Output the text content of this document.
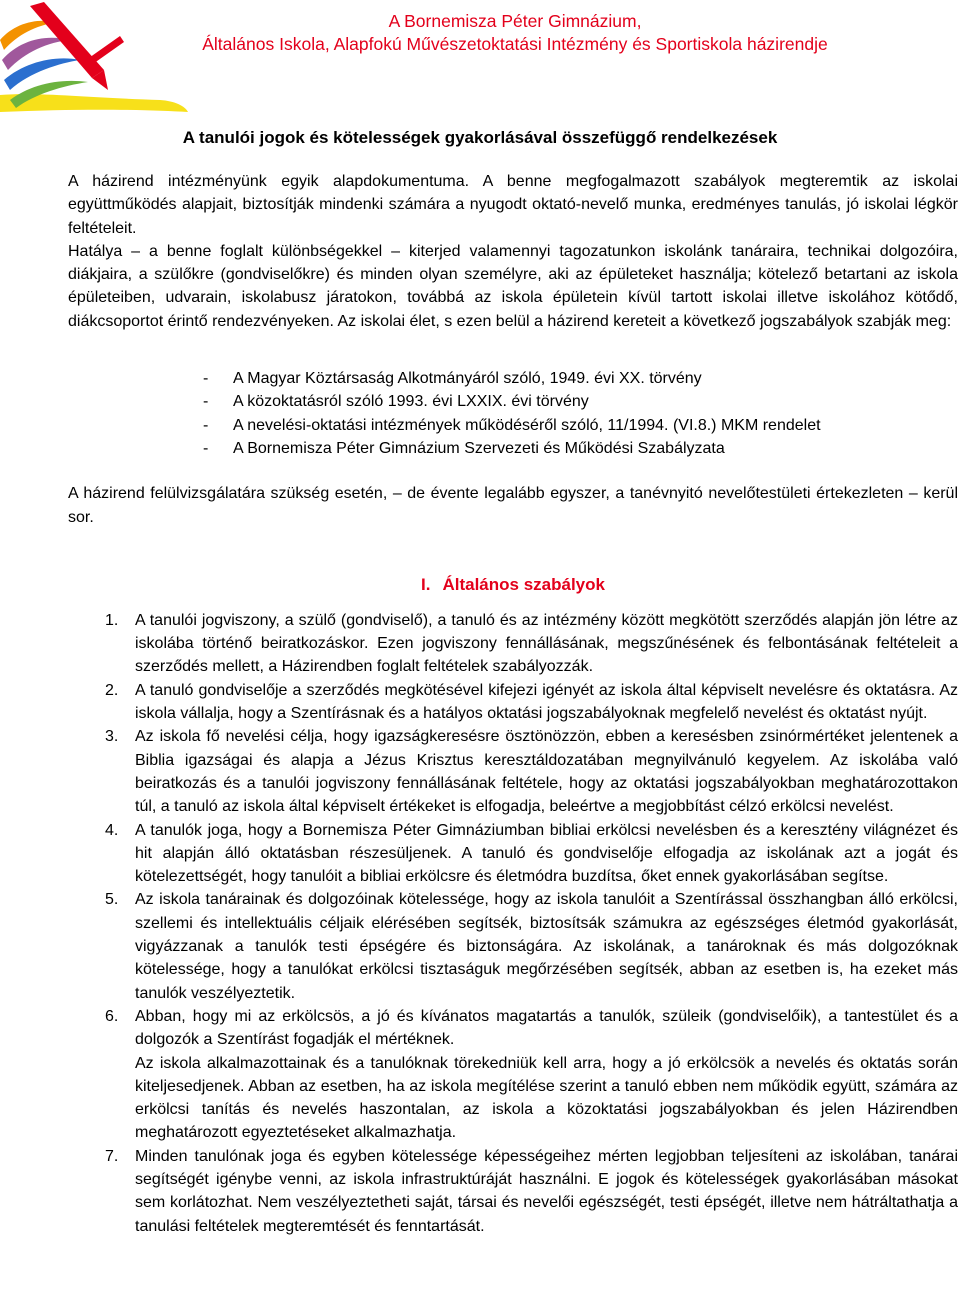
A Bornemisza Péter Gimnázium,
Általános Iskola, Alapfokú Művészetoktatási Intézmény és Sportiskola házirendje
A tanulói jogok és kötelességek gyakorlásával összefüggő rendelkezések

A házirend intézményünk egyik alapdokumentuma. A benne megfogalmazott szabályok megteremtik az iskolai együttműködés alapjait, biztosítják mindenki számára a nyugodt oktató-nevelő munka, eredményes tanulás, jó iskolai légkör feltételeit.

Hatálya – a benne foglalt különbségekkel – kiterjed valamennyi tagozatunkon iskolánk tanáraira, technikai dolgozóira, diákjaira, a szülőkre (gondviselőkre) és minden olyan személyre, aki az épületeket használja; kötelező betartani az iskola épületeiben, udvarain, iskolabusz járatokon, továbbá az iskola épületein kívül tartott iskolai illetve iskolához kötődő, diákcsoportot érintő rendezvényeken. Az iskolai élet, s ezen belül a házirend kereteit a következő jogszabályok szabják meg:

- A Magyar Köztársaság Alkotmányáról szóló, 1949. évi XX. törvény
- A közoktatásról szóló 1993. évi LXXIX. évi törvény
- A nevelési-oktatási intézmények működéséről szóló, 11/1994. (VI.8.) MKM rendelet
- A Bornemisza Péter Gimnázium Szervezeti és Működési Szabályzata

A házirend felülvizsgálatára szükség esetén, – de évente legalább egyszer, a tanévnyitó nevelőtestületi értekezleten – kerül sor.

I. Általános szabályok
1. A tanulói jogviszony, a szülő (gondviselő), a tanuló és az intézmény között megkötött szerződés alapján jön létre az iskolába történő beiratkozáskor. Ezen jogviszony fennállásának, megszűnésének és felbontásának feltételeit a szerződés mellett, a Házirendben foglalt feltételek szabályozzák.

2. A tanuló gondviselője a szerződés megkötésével kifejezi igényét az iskola által képviselt nevelésre és oktatásra. Az iskola vállalja, hogy a Szentírásnak és a hatályos oktatási jogszabályoknak megfelelő nevelést és oktatást nyújt.

3. Az iskola fő nevelési célja, hogy igazságkeresésre ösztönözzön, ebben a keresésben zsinórmértéket jelentenek a Biblia igazságai és alapja a Jézus Krisztus keresztáldozatában megnyilvánuló kegyelem. Az iskolába való beiratkozás és a tanulói jogviszony fennállásának feltétele, hogy az oktatási jogszabályokban meghatározottakon túl, a tanuló az iskola által képviselt értékeket is elfogadja, beleértve a megjobbítást célzó erkölcsi nevelést.

4. A tanulók joga, hogy a Bornemisza Péter Gimnáziumban bibliai erkölcsi nevelésben és a keresztény világnézet és hit alapján álló oktatásban részesüljenek. A tanuló és gondviselője elfogadja az iskolának azt a jogát és kötelezettségét, hogy tanulóit a bibliai erkölcsre és életmódra buzdítsa, őket ennek gyakorlásában segítse.

5. Az iskola tanárainak és dolgozóinak kötelessége, hogy az iskola tanulóit a Szentírással összhangban álló erkölcsi, szellemi és intellektuális céljaik elérésében segítsék, biztosítsák számukra az egészséges életmód gyakorlását, vigyázzanak a tanulók testi épségére és biztonságára. Az iskolának, a tanároknak és más dolgozóknak kötelessége, hogy a tanulókat erkölcsi tisztaságuk megőrzésében segítsék, abban az esetben is, ha ezeket más tanulók veszélyeztetik.

6. Abban, hogy mi az erkölcsös, a jó és kívánatos magatartás a tanulók, szüleik (gondviselőik), a tantestület és a dolgozók a Szentírást fogadják el mértéknek.

Az iskola alkalmazottainak és a tanulóknak törekedniük kell arra, hogy a jó erkölcsök a nevelés és oktatás során kiteljesedjenek. Abban az esetben, ha az iskola megítélése szerint a tanuló ebben nem működik együtt, számára az erkölcsi tanítás és nevelés haszontalan, az iskola a közoktatási jogszabályokban és jelen Házirendben meghatározott egyeztetéseket alkalmazhatja.

7. Minden tanulónak joga és egyben kötelessége képességeihez mérten legjobban teljesíteni az iskolában, tanárai segítségét igénybe venni, az iskola infrastruktúráját használni. E jogok és kötelességek gyakorlásában másokat sem korlátozhat. Nem veszélyeztetheti saját, társai és nevelői egészségét, testi épségét, illetve nem hátráltathatja a tanulási feltételek megteremtését és fenntartását.
